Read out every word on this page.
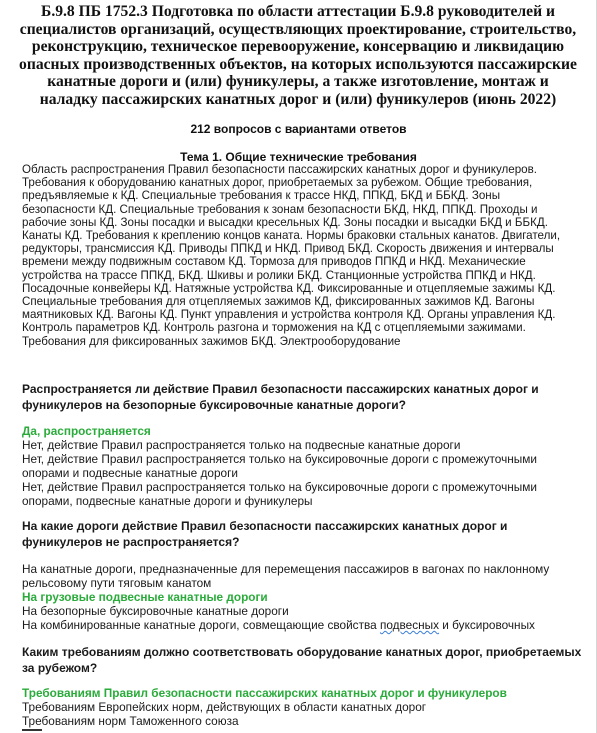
Б.9.8 ПБ 1752.3 Подготовка по области аттестации Б.9.8 руководителей и специалистов организаций, осуществляющих проектирование, строительство, реконструкцию, техническое перевооружение, консервацию и ликвидацию опасных производственных объектов, на которых используются пассажирские канатные дороги и (или) фуникулеры, а также изготовление, монтаж и наладку пассажирских канатных дорог и (или) фуникулеров (июнь 2022)
212 вопросов с вариантами ответов
Тема 1. Общие технические требования

Область распространения Правил безопасности пассажирских канатных дорог и фуникулеров. Требования к оборудованию канатных дорог, приобретаемых за рубежом. Общие требования, предъявляемые к КД. Специальные требования к трассе НКД, ППКД, БКД и ББКД. Зоны безопасности КД. Специальные требования к зонам безопасности БКД, НКД, ППКД. Проходы и рабочие зоны КД. Зоны посадки и высадки кресельных КД. Зоны посадки и высадки БКД и ББКД. Канаты КД. Требования к креплению концов каната. Нормы браковки стальных канатов. Двигатели, редукторы, трансмиссия КД. Приводы ППКД и НКД. Привод БКД. Скорость движения и интервалы времени между подвижным составом КД. Тормоза для приводов ППКД и НКД. Механические устройства на трассе ППКД, БКД. Шкивы и ролики БКД. Станционные устройства ППКД и НКД. Посадочные конвейеры КД. Натяжные устройства КД. Фиксированные и отцепляемые зажимы КД. Специальные требования для отцепляемых зажимов КД, фиксированных зажимов КД. Вагоны маятниковых КД. Вагоны КД. Пункт управления и устройства контроля КД. Органы управления КД. Контроль параметров КД. Контроль разгона и торможения на КД с отцепляемыми зажимами. Требования для фиксированных зажимов БКД. Электрооборудование

Распространяется ли действие Правил безопасности пассажирских канатных дорог и фуникулеров на безопорные буксировочные канатные дороги?

Да, распространяется

Нет, действие Правил распространяется только на подвесные канатные дороги

Нет, действие Правил распространяется только на буксировочные дороги с промежуточными опорами и подвесные канатные дороги

Нет, действие Правил распространяется только на буксировочные дороги с промежуточными опорами, подвесные канатные дороги и фуникулеры

На какие дороги действие Правил безопасности пассажирских канатных дорог и фуникулеров не распространяется?

На канатные дороги, предназначенные для перемещения пассажиров в вагонах по наклонному рельсовому пути тяговым канатом

На грузовые подвесные канатные дороги

На безопорные буксировочные канатные дороги

На комбинированные канатные дороги, совмещающие свойства подвесных и буксировочных

Каким требованиям должно соответствовать оборудование канатных дорог, приобретаемых за рубежом?

Требованиям Правил безопасности пассажирских канатных дорог и фуникулеров

Требованиям Европейских норм, действующих в области канатных дорог

Требованиям норм Таможенного союза
